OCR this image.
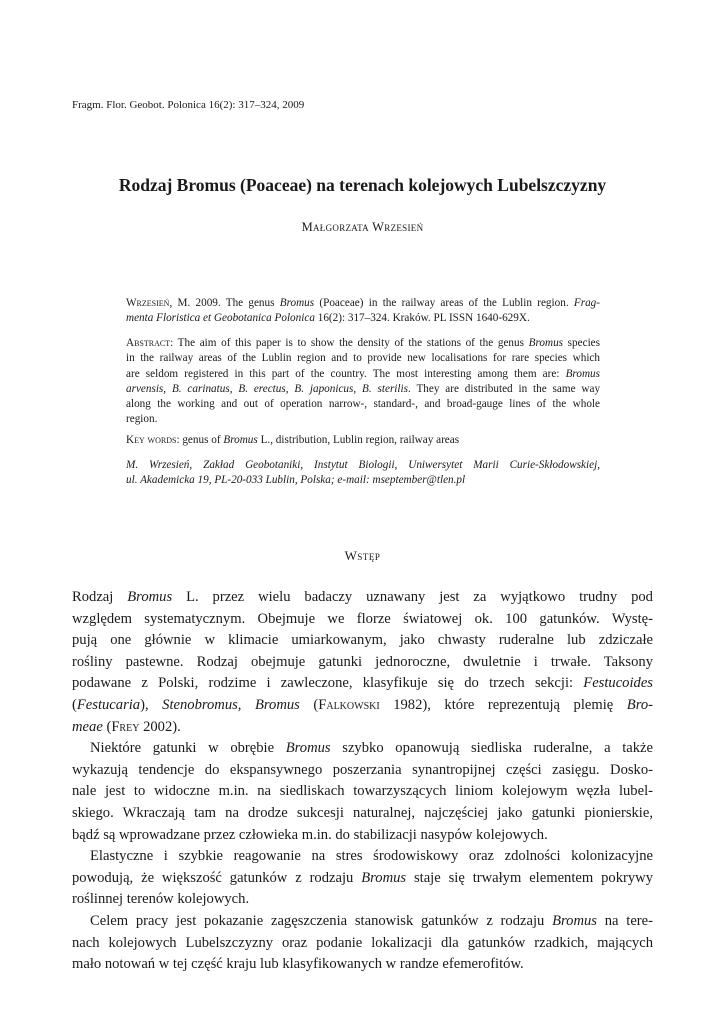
Fragm. Flor. Geobot. Polonica 16(2): 317–324, 2009
Rodzaj Bromus (Poaceae) na terenach kolejowych Lubelszczyzny
Małgorzata Wrzesień
Wrzesień, M. 2009. The genus Bromus (Poaceae) in the railway areas of the Lublin region. Frag-
menta Floristica et Geobotanica Polonica 16(2): 317–324. Kraków. PL ISSN 1640-629X.
Abstract: The aim of this paper is to show the density of the stations of the genus Bromus species
in the railway areas of the Lublin region and to provide new localisations for rare species which
are seldom registered in this part of the country. The most interesting among them are: Bromus
arvensis, B. carinatus, B. erectus, B. japonicus, B. sterilis. They are distributed in the same way
along the working and out of operation narrow-, standard-, and broad-gauge lines of the whole
region.
Key words: genus of Bromus L., distribution, Lublin region, railway areas
M. Wrzesień, Zakład Geobotaniki, Instytut Biologii, Uniwersytet Marii Curie-Skłodowskiej,
ul. Akademicka 19, PL-20-033 Lublin, Polska; e-mail: mseptember@tlen.pl
Wstęp

Rodzaj Bromus L. przez wielu badaczy uznawany jest za wyjątkowo trudny pod
względem systematycznym. Obejmuje we florze światowej ok. 100 gatunków. Wystę-
pują one głównie w klimacie umiarkowanym, jako chwasty ruderalne lub zdziczałe
rośliny pastewne. Rodzaj obejmuje gatunki jednoroczne, dwuletnie i trwałe. Taksony
podawane z Polski, rodzime i zawleczone, klasyfikuje się do trzech sekcji: Festucoides
(Festucaria), Stenobromus, Bromus (Falkowski 1982), które reprezentują plemię Bro-
meae (Frey 2002).

Niektóre gatunki w obrębie Bromus szybko opanowują siedliska ruderalne, a także
wykazują tendencje do ekspansywnego poszerzania synantropijnej części zasięgu. Dosko-
nale jest to widoczne m.in. na siedliskach towarzyszących liniom kolejowym węzła lubel-
skiego. Wkraczają tam na drodze sukcesji naturalnej, najczęściej jako gatunki pionierskie,
bądź są wprowadzane przez człowieka m.in. do stabilizacji nasypów kolejowych.

Elastyczne i szybkie reagowanie na stres środowiskowy oraz zdolności kolonizacyjne
powodują, że większość gatunków z rodzaju Bromus staje się trwałym elementem pokrywy
roślinnej terenów kolejowych.

Celem pracy jest pokazanie zagęszczenia stanowisk gatunków z rodzaju Bromus na tere-
nach kolejowych Lubelszczyzny oraz podanie lokalizacji dla gatunków rzadkich, mających
mało notowań w tej część kraju lub klasyfikowanych w randze efemerofitów.
